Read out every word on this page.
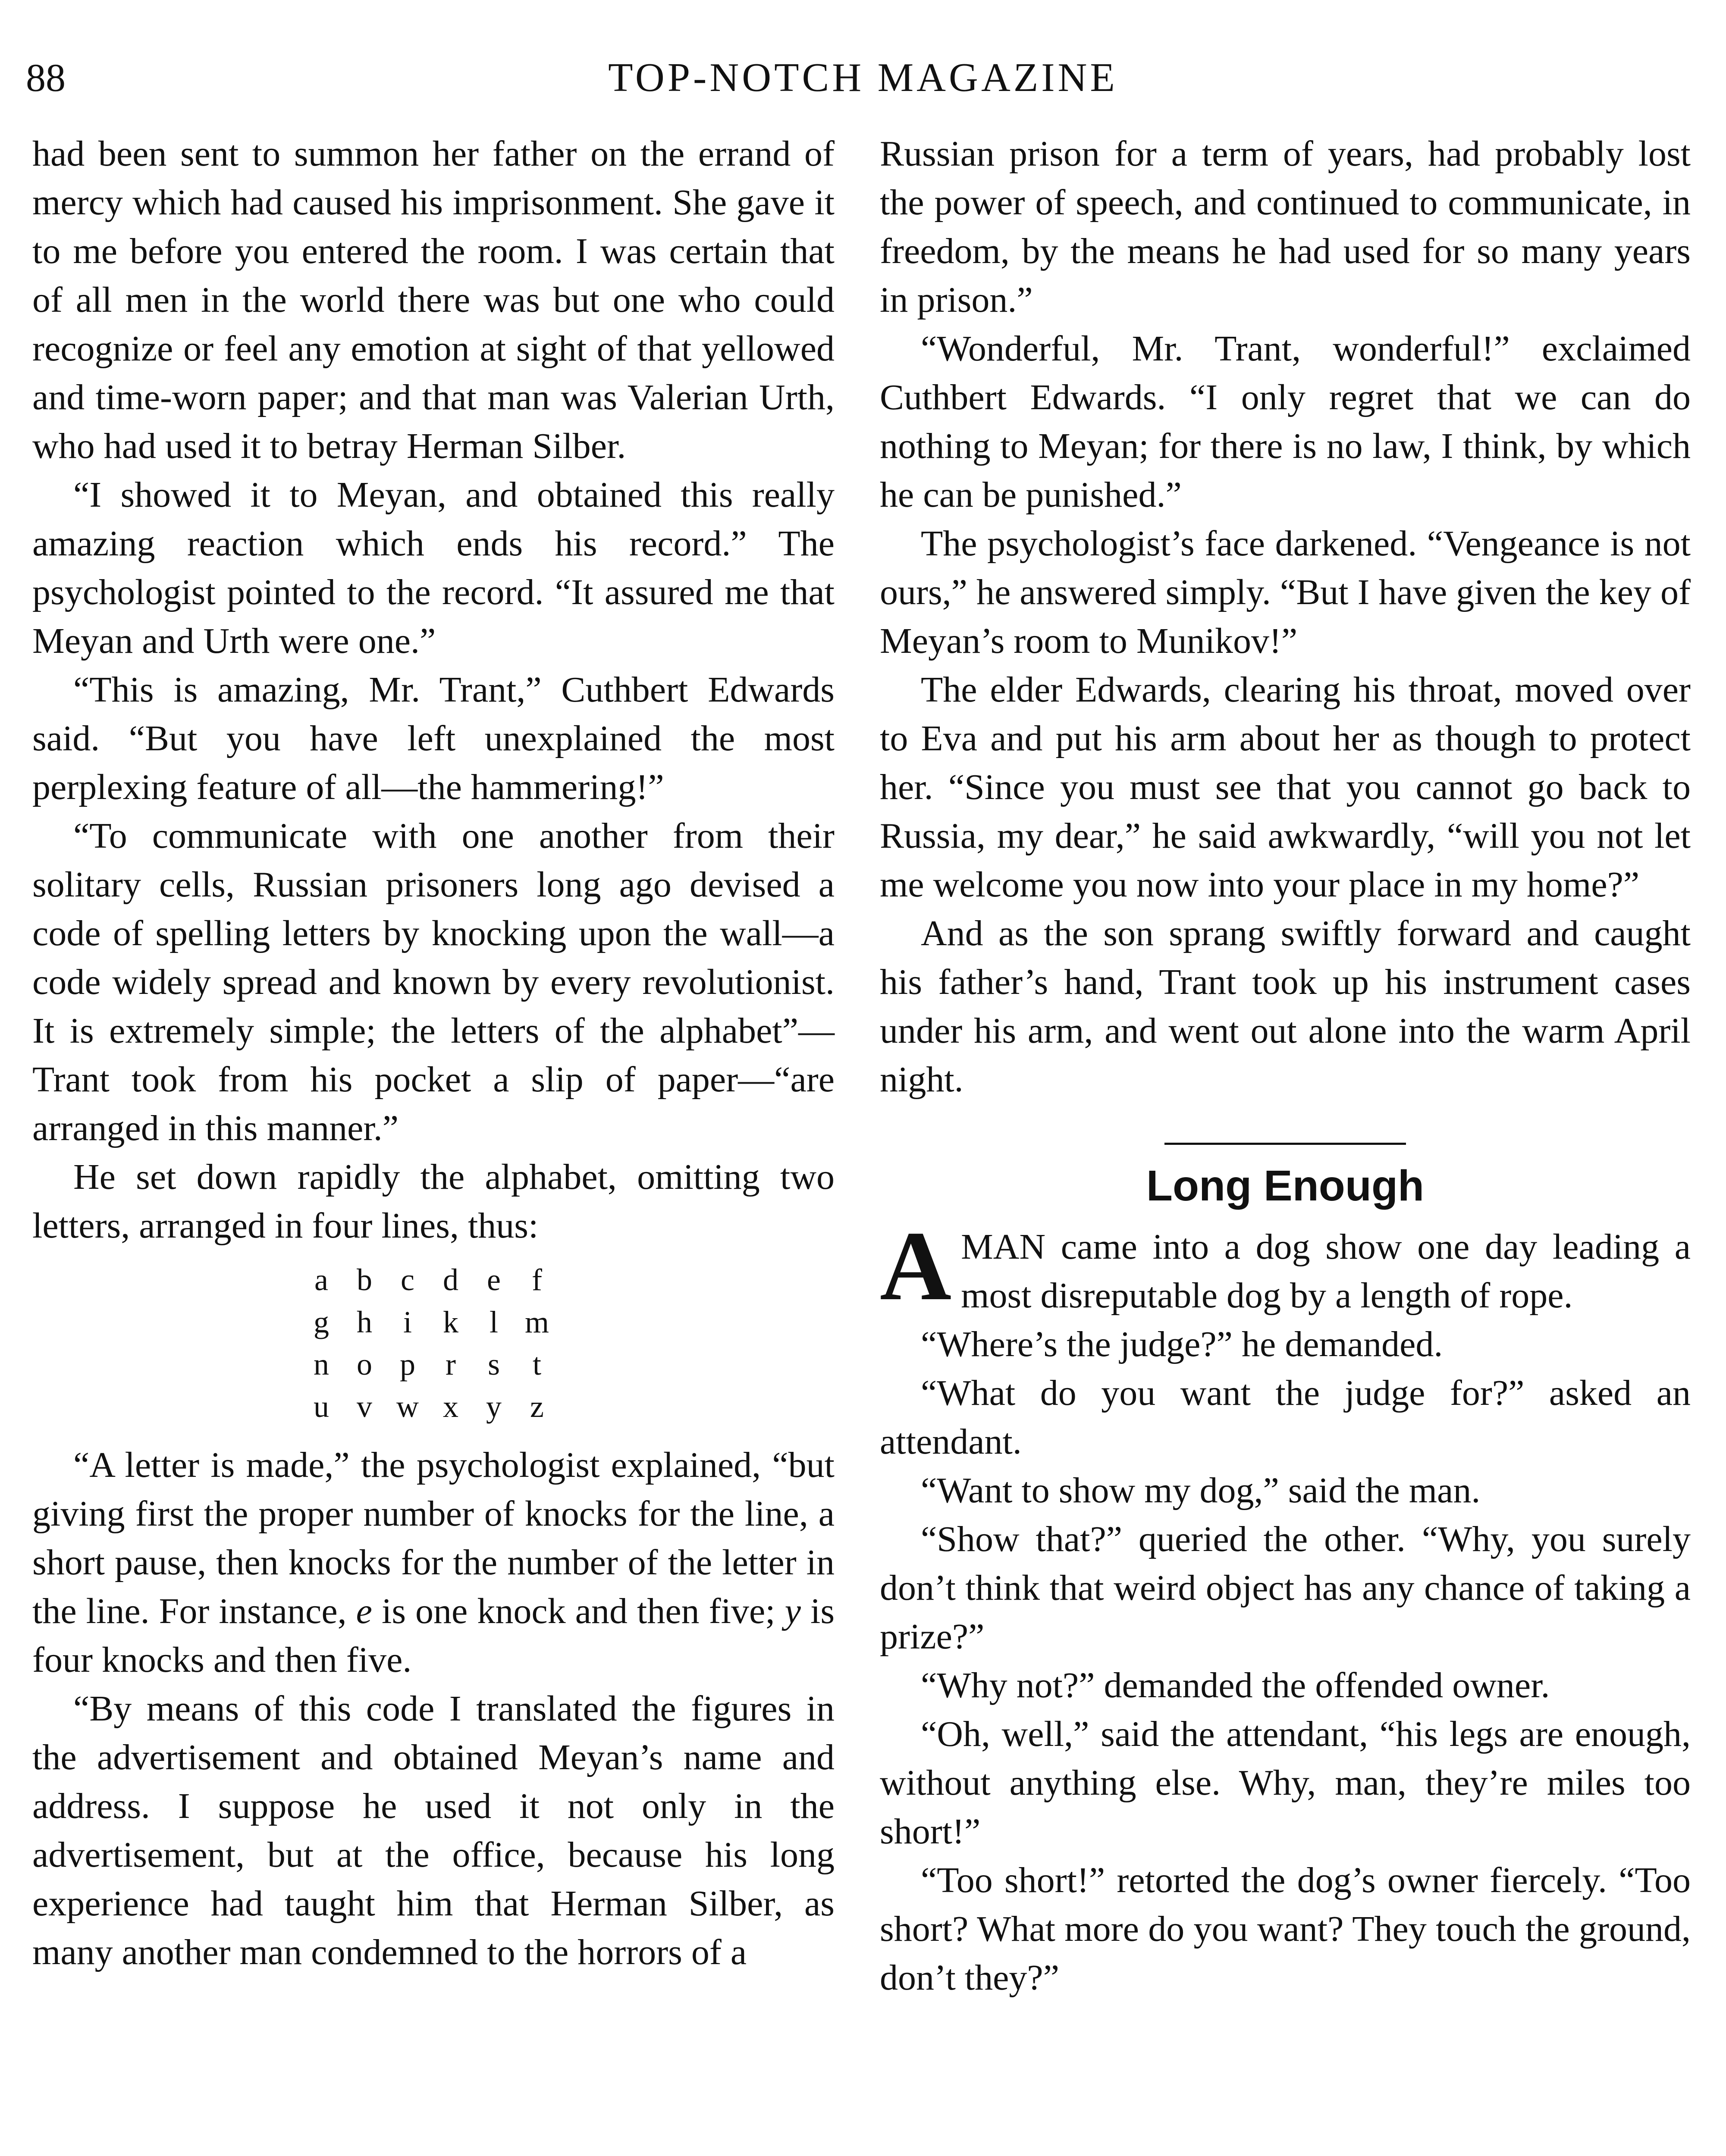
88	TOP-NOTCH MAGAZINE

had been sent to summon her father on the errand of mercy which had caused his imprisonment. She gave it to me before you entered the room. I was certain that of all men in the world there was but one who could recognize or feel any emotion at sight of that yellowed and time-worn paper; and that man was Valerian Urth, who had used it to betray Herman Silber.

“I showed it to Meyan, and obtained this really amazing reaction which ends his record.” The psychologist pointed to the record. “It assured me that Meyan and Urth were one.”

“This is amazing, Mr. Trant,” Cuthbert Edwards said. “But you have left unexplained the most perplexing feature of all—the hammering!”

“To communicate with one another from their solitary cells, Russian prisoners long ago devised a code of spelling letters by knocking upon the wall—a code widely spread and known by every revolutionist. It is extremely simple; the letters of the alphabet”—Trant took from his pocket a slip of paper—“are arranged in this manner.”

He set down rapidly the alphabet, omitting two letters, arranged in four lines, thus:

a b c d e	f
g h i	k l m
n o p r	s	t
u v w x y z

“A letter is made,” the psychologist explained, “but giving first the proper number of knocks for the line, a short pause, then knocks for the number of the letter in the line. For instance, e is one knock and then five; y is four knocks and then five.

“By means of this code I translated the figures in the advertisement and obtained Meyan’s name and address. I suppose he used it not only in the advertisement, but at the office, because his long experience had taught him that Herman Silber, as many another man condemned to the horrors of a

Russian prison for a term of years, had probably lost the power of speech, and continued to communicate, in freedom, by the means he had used for so many years in prison.”

“Wonderful, Mr. Trant, wonderful!” exclaimed Cuthbert Edwards. “I only regret that we can do nothing to Meyan; for there is no law, I think, by which he can be punished.”

The psychologist’s face darkened. “Vengeance is not ours,” he answered simply. “But I have given the key of Meyan’s room to Munikov!”

The elder Edwards, clearing his throat, moved over to Eva and put his arm about her as though to protect her. “Since you must see that you cannot go back to Russia, my dear,” he said awkwardly, “will you not let me welcome you now into your place in my home?”

And as the son sprang swiftly forward and caught his father’s hand, Trant took up his instrument cases under his arm, and went out alone into the warm April night.

Long Enough

AMAN came into a dog show one day leading a most disreputable dog by a length of rope.

“Where’s the judge?” he demanded.

“What do you want the judge for?” asked an attendant.

“Want to show my dog,” said the man.

“Show that?” queried the other. “Why, you surely don’t think that weird object has any chance of taking a prize?”

“Why not?” demanded the offended owner.

“Oh, well,” said the attendant, “his legs are enough, without anything else. Why, man, they’re miles too short!”

“Too short!” retorted the dog’s owner fiercely. “Too short? What more do you want? They touch the ground, don’t they?”
